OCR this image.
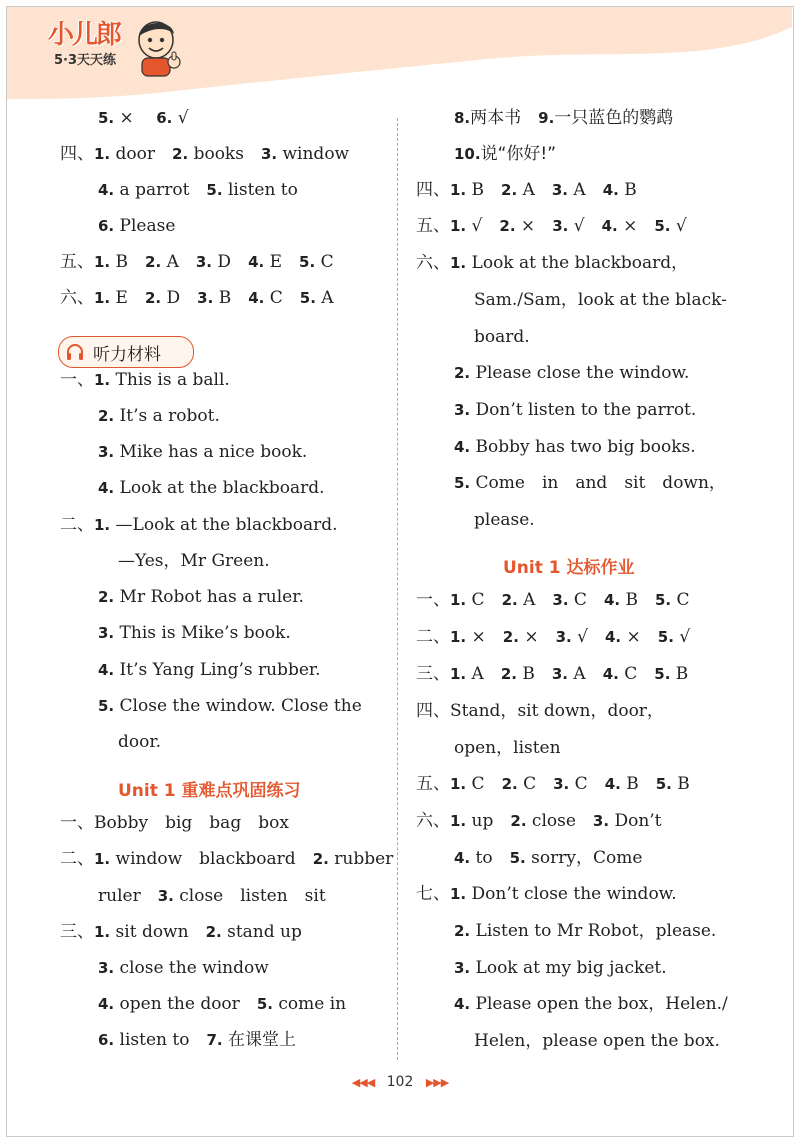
小儿郎
5·3天天练
5. ×　 6. √
四、1. door　2. books　3. window
4. a parrot　5. listen to
6. Please
五、1. B　2. A　3. D　4. E　5. C
六、1. E　2. D　3. B　4. C　5. A
一、1. This is a ball.
2. It’s a robot.
3. Mike has a nice book.
4. Look at the blackboard.
二、1. —Look at the blackboard.
—Yes，Mr Green.
2. Mr Robot has a ruler.
3. This is Mike’s book.
4. It’s Yang Ling’s rubber.
5. Close the window. Close the
door.
一、Bobby　big　bag　box
二、1. window　blackboard　2. rubber
ruler　3. close　listen　sit
三、1. sit down　2. stand up
3. close the window
4. open the door　5. come in
6. listen to　7. 在课堂上
Unit 1 重难点巩固练习
8.两本书　9.一只蓝色的鹦鹉
10.说“你好!”
四、1. B　2. A　3. A　4. B
五、1. √　2. ×　3. √　4. ×　5. √
六、1. Look at the blackboard，
Sam./Sam，look at the black-
board.
2. Please close the window.
3. Don’t listen to the parrot.
4. Bobby has two big books.
5. Come　in　and　sit　down，
please.
一、1. C　2. A　3. C　4. B　5. C
二、1. ×　2. ×　3. √　4. ×　5. √
三、1. A　2. B　3. A　4. C　5. B
四、Stand，sit down，door，
open，listen
五、1. C　2. C　3. C　4. B　5. B
六、1. up　2. close　3. Don’t
4. to　5. sorry，Come
七、1. Don’t close the window.
2. Listen to Mr Robot，please.
3. Look at my big jacket.
4. Please open the box，Helen./
Helen，please open the box.
Unit 1 达标作业
听力材料
◀◀◀ 102 ▶▶▶
